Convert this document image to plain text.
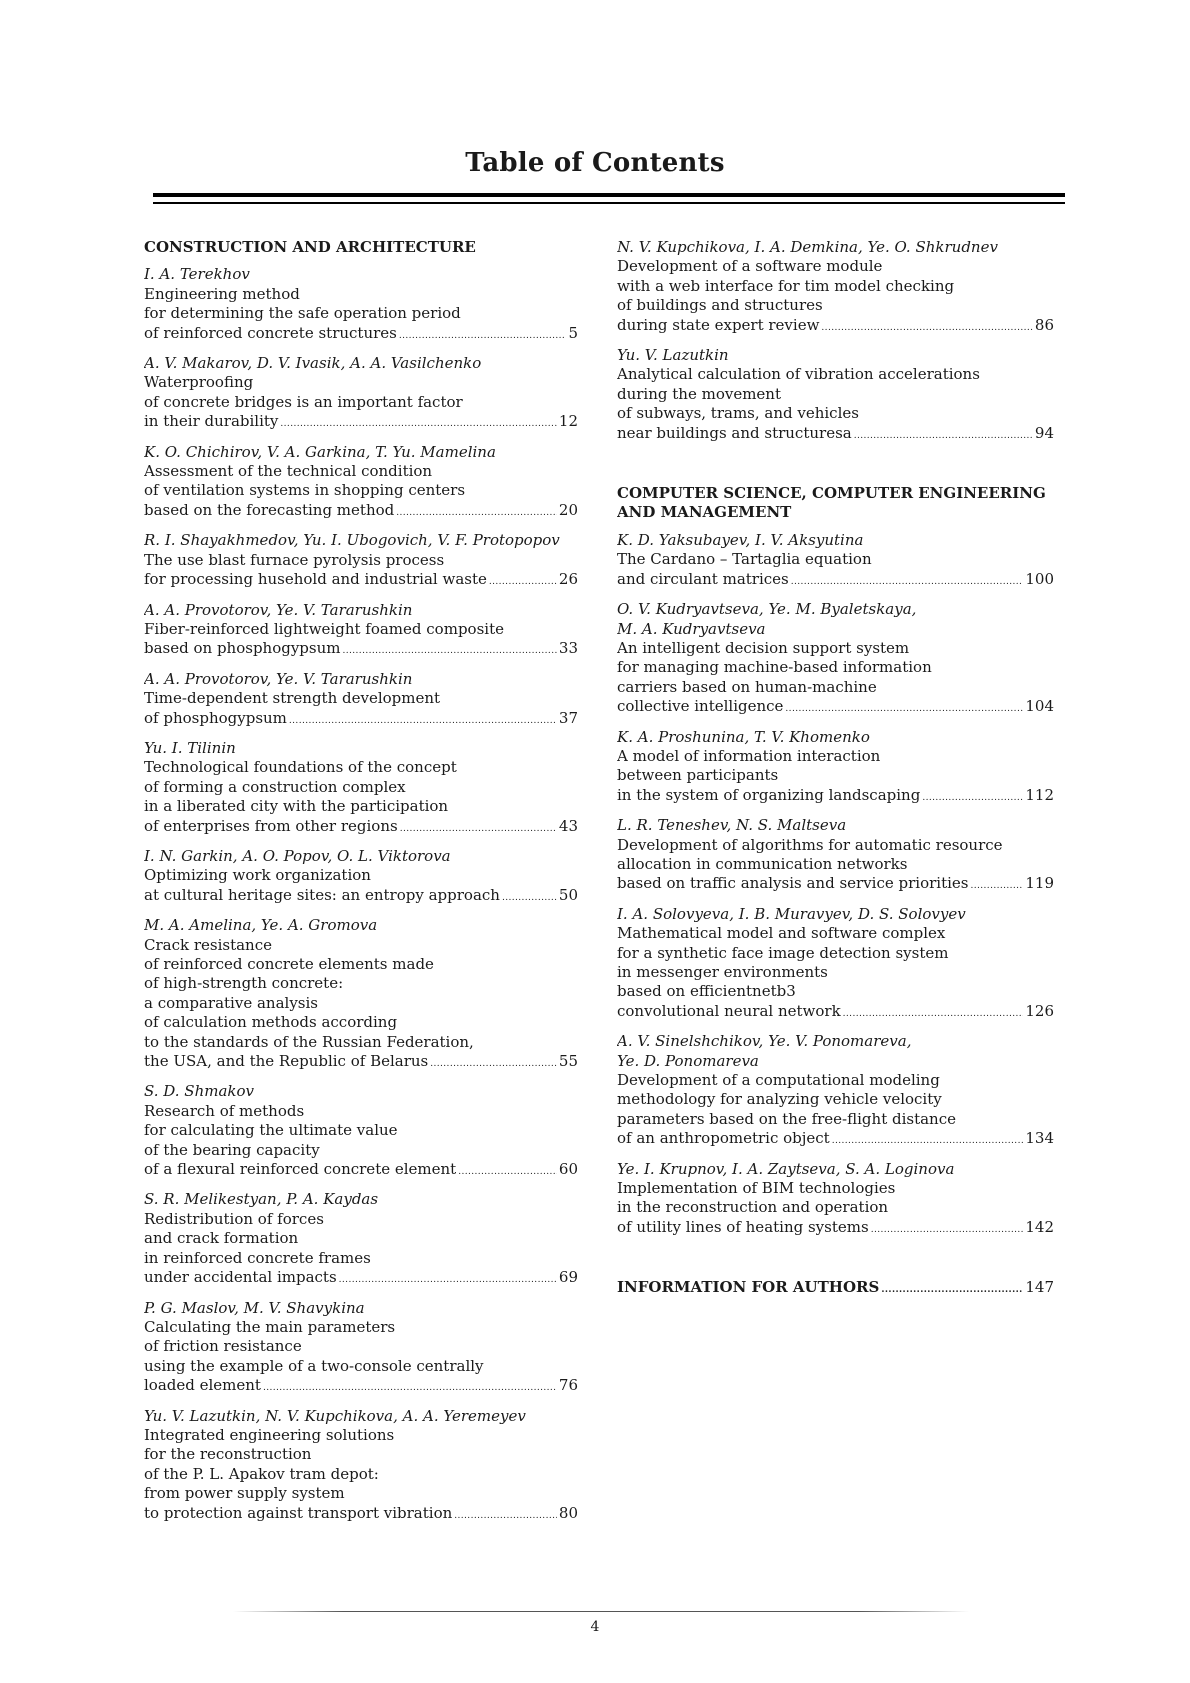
Table of Contents
CONSTRUCTION AND ARCHITECTURE
I. A. Terekhov
Engineering method
for determining the safe operation period
of reinforced concrete structures .....	5
A. V. Makarov, D. V. Ivasik, A. A. Vasilchenko
Waterproofing
of concrete bridges is an important factor
in their durability .....	12
K. O. Chichirov, V. A. Garkina, T. Yu. Mamelina
Assessment of the technical condition
of ventilation systems in shopping centers
based on the forecasting method .....	20
R. I. Shayakhmedov, Yu. I. Ubogovich, V. F. Protopopov
The use blast furnace pyrolysis process
for processing husehold and industrial waste .....	26
A. A. Provotorov, Ye. V. Tararushkin
Fiber-reinforced lightweight foamed composite
based on phosphogypsum .....	33
A. A. Provotorov, Ye. V. Tararushkin
Time-dependent strength development
of phosphogypsum .....	37
Yu. I. Tilinin
Technological foundations of the concept
of forming a construction complex
in a liberated city with the participation
of enterprises from other regions .....	43
I. N. Garkin, A. O. Popov, O. L. Viktorova
Optimizing work organization
at cultural heritage sites: an entropy approach .....	50
M. A. Amelina, Ye. A. Gromova
Crack resistance
of reinforced concrete elements made
of high-strength concrete:
a comparative analysis
of calculation methods according
to the standards of the Russian Federation,
the USA, and the Republic of Belarus .....	55
S. D. Shmakov
Research of methods
for calculating the ultimate value
of the bearing capacity
of a flexural reinforced concrete element .....	60
S. R. Melikestyan, P. A. Kaydas
Redistribution of forces
and crack formation
in reinforced concrete frames
under accidental impacts .....	69
P. G. Maslov, M. V. Shavykina
Calculating the main parameters
of friction resistance
using the example of a two-console centrally
loaded element .....	76
Yu. V. Lazutkin, N. V. Kupchikova, A. A. Yeremeyev
Integrated engineering solutions
for the reconstruction
of the P. L. Apakov tram depot:
from power supply system
to protection against transport vibration .....	80
N. V. Kupchikova, I. A. Demkina, Ye. O. Shkrudnev
Development of a software module
with a web interface for tim model checking
of buildings and structures
during state expert review .....	86
Yu. V. Lazutkin
Analytical calculation of vibration accelerations
during the movement
of subways, trams, and vehicles
near buildings and structuresa .....	94
COMPUTER SCIENCE, COMPUTER ENGINEERING
AND MANAGEMENT
K. D. Yaksubayev, I. V. Aksyutina
The Cardano – Tartaglia equation
and circulant matrices .....	100
O. V. Kudryavtseva, Ye. M. Byaletskaya,
M. A. Kudryavtseva
An intelligent decision support system
for managing machine-based information
carriers based on human-machine
collective intelligence .....	104
K. A. Proshunina, T. V. Khomenko
A model of information interaction
between participants
in the system of organizing landscaping .....	112
L. R. Teneshev, N. S. Maltseva
Development of algorithms for automatic resource
allocation in communication networks
based on traffic analysis and service priorities .....	119
I. A. Solovyeva, I. B. Muravyev, D. S. Solovyev
Mathematical model and software complex
for a synthetic face image detection system
in messenger environments
based on efficientnetb3
convolutional neural network .....	126
A. V. Sinelshchikov, Ye. V. Ponomareva,
Ye. D. Ponomareva
Development of a computational modeling
methodology for analyzing vehicle velocity
parameters based on the free-flight distance
of an anthropometric object .....	134
Ye. I. Krupnov, I. A. Zaytseva, S. A. Loginova
Implementation of BIM technologies
in the reconstruction and operation
of utility lines of heating systems .....	142
INFORMATION FOR AUTHORS .....	147
4
